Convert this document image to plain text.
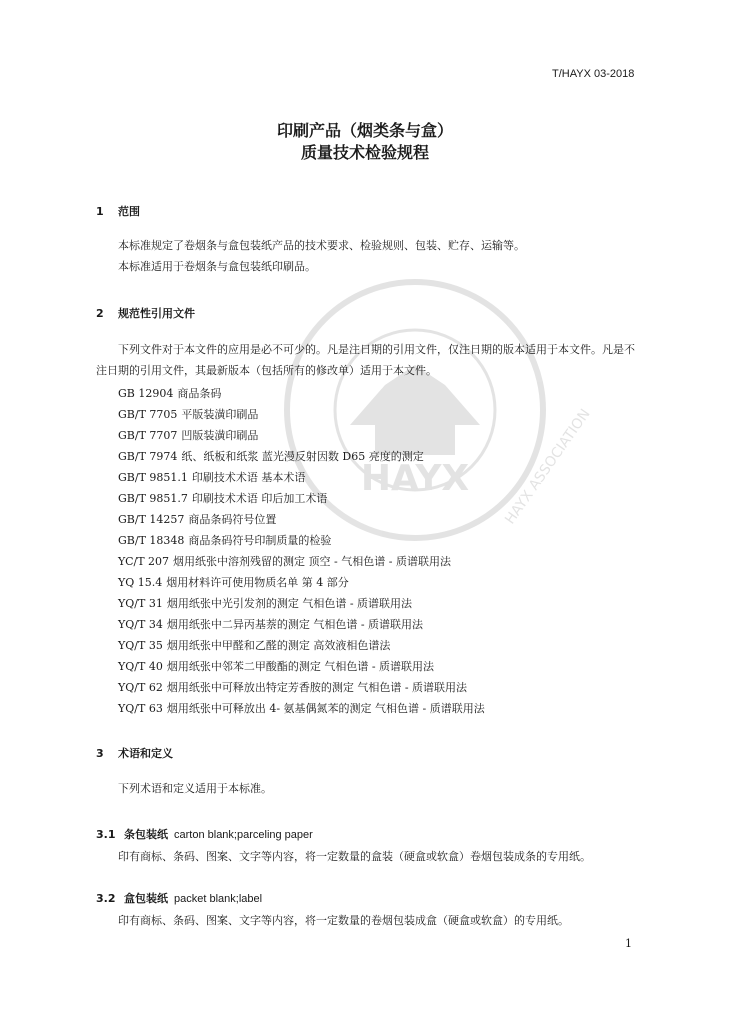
HAYX HAYX ASSOCIATION
T/HAYX 03-2018
印刷产品（烟类条与盒）
质量技术检验规程
1 范围
本标准规定了卷烟条与盒包装纸产品的技术要求、检验规则、包装、贮存、运输等。
本标准适用于卷烟条与盒包装纸印刷品。
2 规范性引用文件
下列文件对于本文件的应用是必不可少的。凡是注日期的引用文件，仅注日期的版本适用于本文件。凡是不注日期的引用文件，其最新版本（包括所有的修改单）适用于本文件。
GB 12904 商品条码
GB/T 7705 平版装潢印刷品
GB/T 7707 凹版装潢印刷品
GB/T 7974 纸、纸板和纸浆 蓝光漫反射因数 D65 亮度的测定
GB/T 9851.1 印刷技术术语 基本术语
GB/T 9851.7 印刷技术术语 印后加工术语
GB/T 14257 商品条码符号位置
GB/T 18348 商品条码符号印制质量的检验
YC/T 207 烟用纸张中溶剂残留的测定 顶空 - 气相色谱 - 质谱联用法
YQ 15.4 烟用材料许可使用物质名单 第 4 部分
YQ/T 31 烟用纸张中光引发剂的测定 气相色谱 - 质谱联用法
YQ/T 34 烟用纸张中二异丙基萘的测定 气相色谱 - 质谱联用法
YQ/T 35 烟用纸张中甲醛和乙醛的测定 高效液相色谱法
YQ/T 40 烟用纸张中邻苯二甲酸酯的测定 气相色谱 - 质谱联用法
YQ/T 62 烟用纸张中可释放出特定芳香胺的测定 气相色谱 - 质谱联用法
YQ/T 63 烟用纸张中可释放出 4- 氨基偶氮苯的测定 气相色谱 - 质谱联用法
3 术语和定义
下列术语和定义适用于本标准。
3.1 条包装纸 carton blank;parceling paper
印有商标、条码、图案、文字等内容，将一定数量的盒装（硬盒或软盒）卷烟包装成条的专用纸。
3.2 盒包装纸 packet blank;label
印有商标、条码、图案、文字等内容，将一定数量的卷烟包装成盒（硬盒或软盒）的专用纸。
1
